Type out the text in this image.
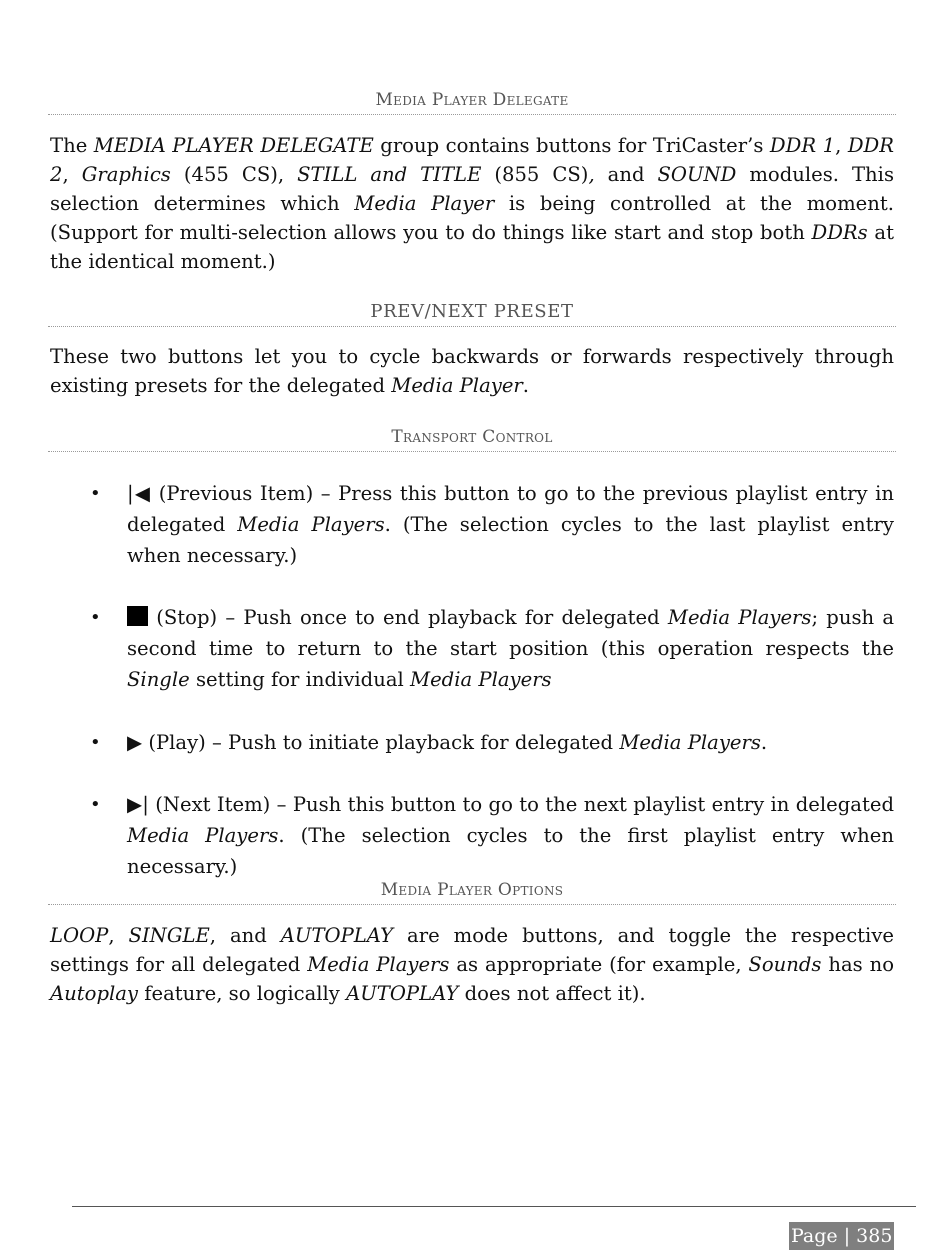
Media Player Delegate

The MEDIA PLAYER DELEGATE group contains buttons for TriCaster’s DDR 1, DDR 2, Graphics (455 CS), STILL and TITLE (855 CS), and SOUND modules. This selection determines which Media Player is being controlled at the moment. (Support for multi-selection allows you to do things like start and stop both DDRs at the identical moment.)

PREV/NEXT PRESET

These two buttons let you to cycle backwards or forwards respectively through existing presets for the delegated Media Player.

Transport Control
• |◀ (Previous Item) – Press this button to go to the previous playlist entry in delegated Media Players. (The selection cycles to the last playlist entry when necessary.)
•	(Stop) – Push once to end playback for delegated Media Players; push a second time to return to the start position (this operation respects the Single setting for individual Media Players
• ▶ (Play) – Push to initiate playback for delegated Media Players.
• ▶| (Next Item) – Push this button to go to the next playlist entry in delegated Media Players. (The selection cycles to the first playlist entry when necessary.)
Media Player Options

LOOP, SINGLE, and AUTOPLAY are mode buttons, and toggle the respective settings for all delegated Media Players as appropriate (for example, Sounds has no Autoplay feature, so logically AUTOPLAY does not affect it).

Page | 385
